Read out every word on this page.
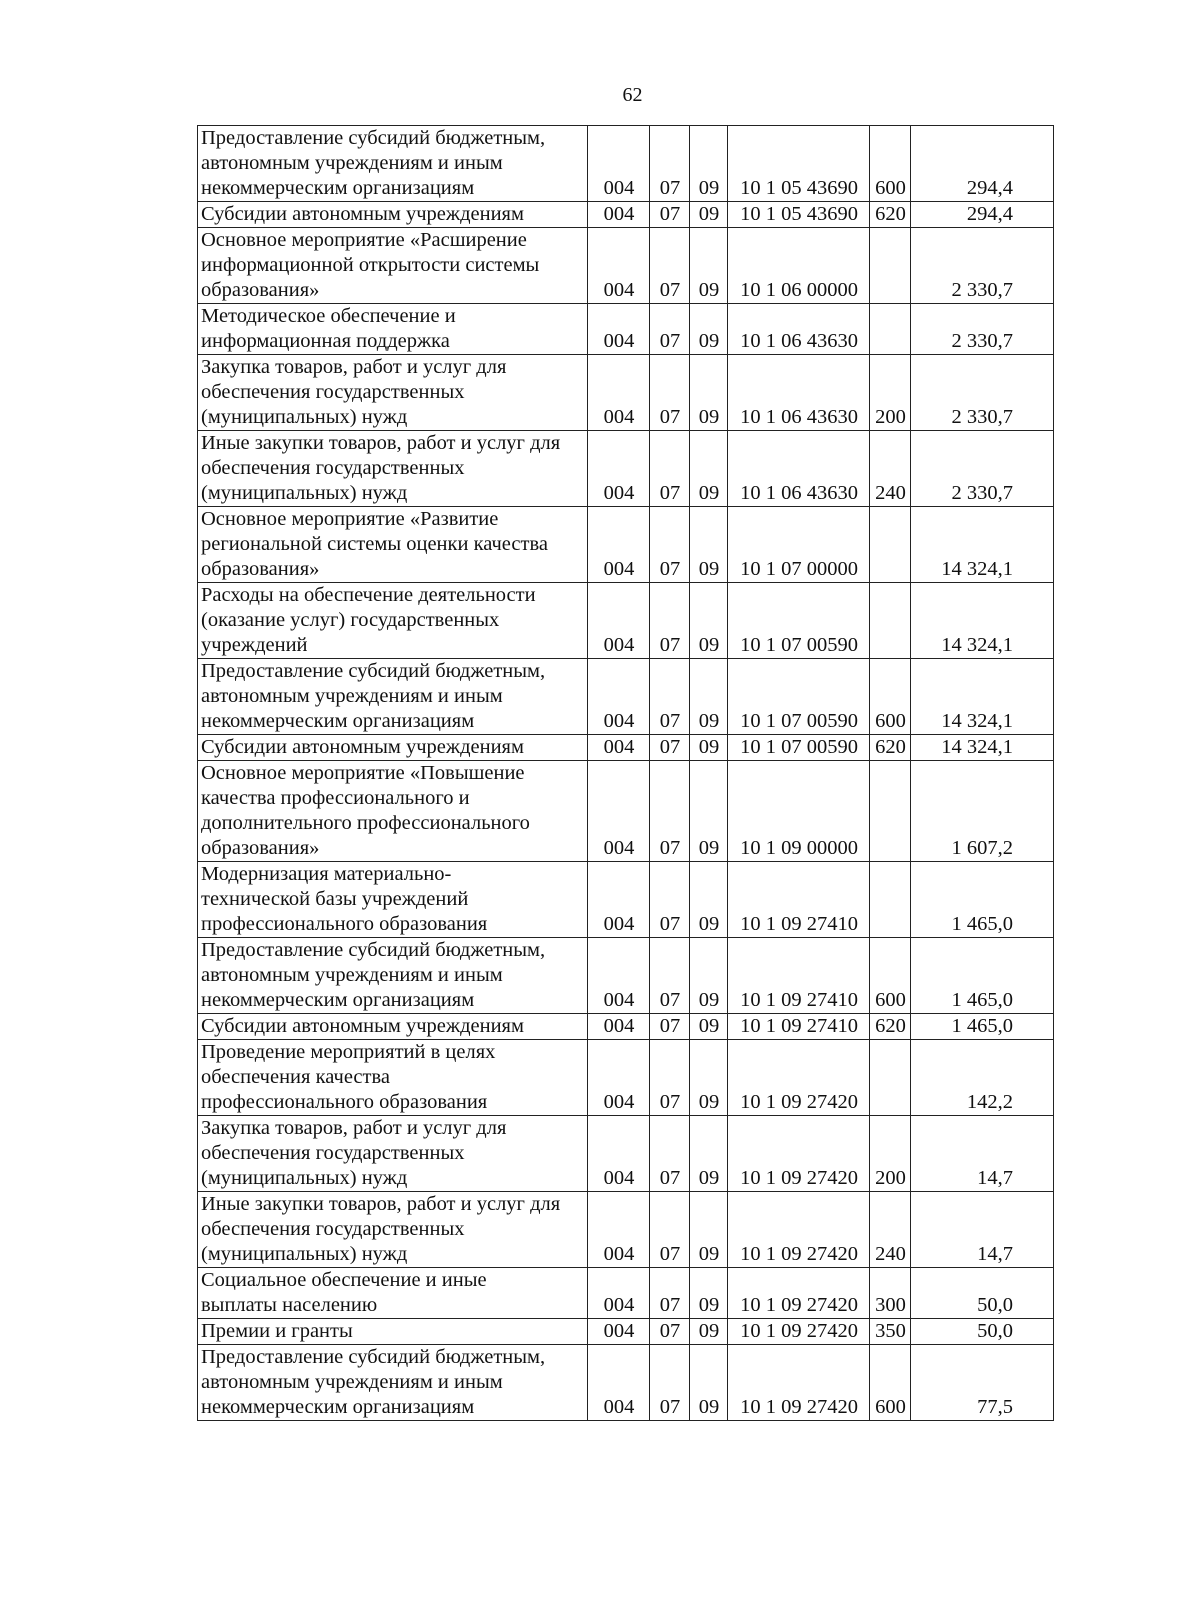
62
Предоставление субсидий бюджетным,
автономным учреждениям и иным
некоммерческим организациям	004	07	09	10 1 05 43690	600	294,4

Субсидии автономным учреждениям	004	07	09	10 1 05 43690	620	294,4

Основное мероприятие «Расширение
информационной открытости системы
образования»	004	07	09	10 1 06 00000		2 330,7

Методическое обеспечение и
информационная поддержка	004	07	09	10 1 06 43630		2 330,7

Закупка товаров, работ и услуг для
обеспечения государственных
(муниципальных) нужд	004	07	09	10 1 06 43630	200	2 330,7

Иные закупки товаров, работ и услуг для
обеспечения государственных
(муниципальных) нужд	004	07	09	10 1 06 43630	240	2 330,7

Основное мероприятие «Развитие
региональной системы оценки качества
образования»	004	07	09	10 1 07 00000		14 324,1

Расходы на обеспечение деятельности
(оказание услуг) государственных
учреждений	004	07	09	10 1 07 00590		14 324,1

Предоставление субсидий бюджетным,
автономным учреждениям и иным
некоммерческим организациям	004	07	09	10 1 07 00590	600	14 324,1

Субсидии автономным учреждениям	004	07	09	10 1 07 00590	620	14 324,1

Основное мероприятие «Повышение
качества профессионального и
дополнительного профессионального
образования»	004	07	09	10 1 09 00000		1 607,2

Модернизация материально-
технической базы учреждений
профессионального образования	004	07	09	10 1 09 27410		1 465,0

Предоставление субсидий бюджетным,
автономным учреждениям и иным
некоммерческим организациям	004	07	09	10 1 09 27410	600	1 465,0

Субсидии автономным учреждениям	004	07	09	10 1 09 27410	620	1 465,0

Проведение мероприятий в целях
обеспечения качества
профессионального образования	004	07	09	10 1 09 27420		142,2

Закупка товаров, работ и услуг для
обеспечения государственных
(муниципальных) нужд	004	07	09	10 1 09 27420	200	14,7

Иные закупки товаров, работ и услуг для
обеспечения государственных
(муниципальных) нужд	004	07	09	10 1 09 27420	240	14,7

Социальное обеспечение и иные
выплаты населению	004	07	09	10 1 09 27420	300	50,0

Премии и гранты	004	07	09	10 1 09 27420	350	50,0

Предоставление субсидий бюджетным,
автономным учреждениям и иным
некоммерческим организациям	004	07	09	10 1 09 27420	600	77,5
